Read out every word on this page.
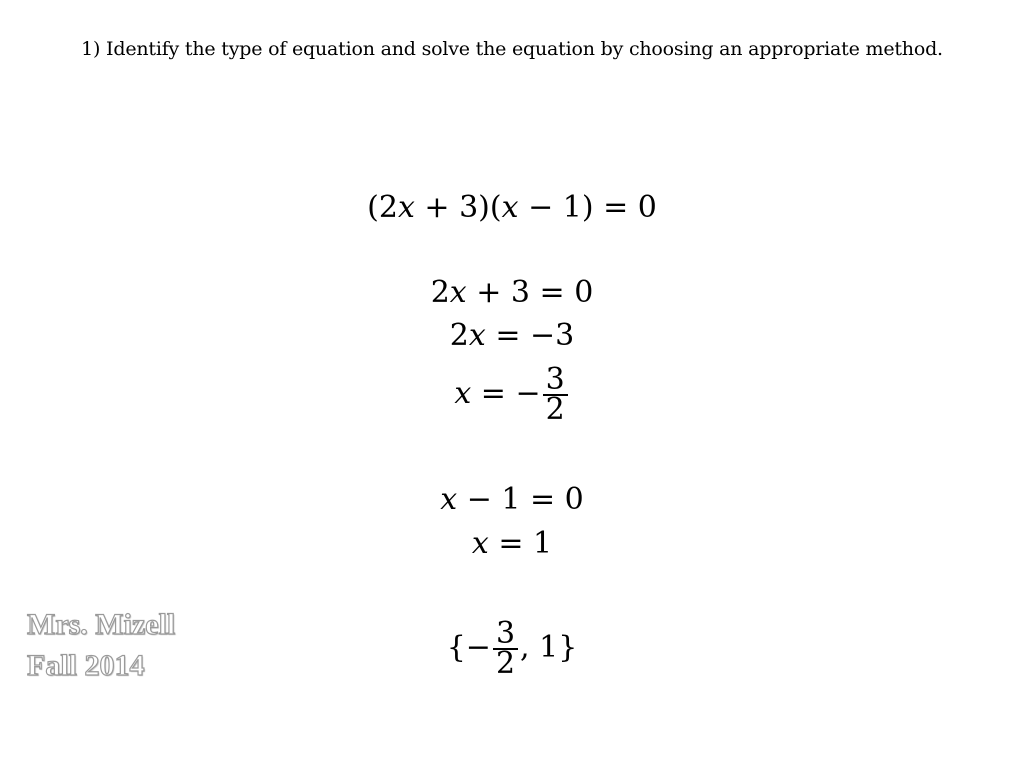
1) Identify the type of equation and solve the equation by choosing an appropriate method.
(2x + 3)(x − 1) = 0
2x + 3 = 0
2x = −3
x = − $\frac{3}{2}$
x − 1 = 0
x = 1
{− $\frac{3}{2}$ , 1}
Mrs. Mizell
Fall 2014
